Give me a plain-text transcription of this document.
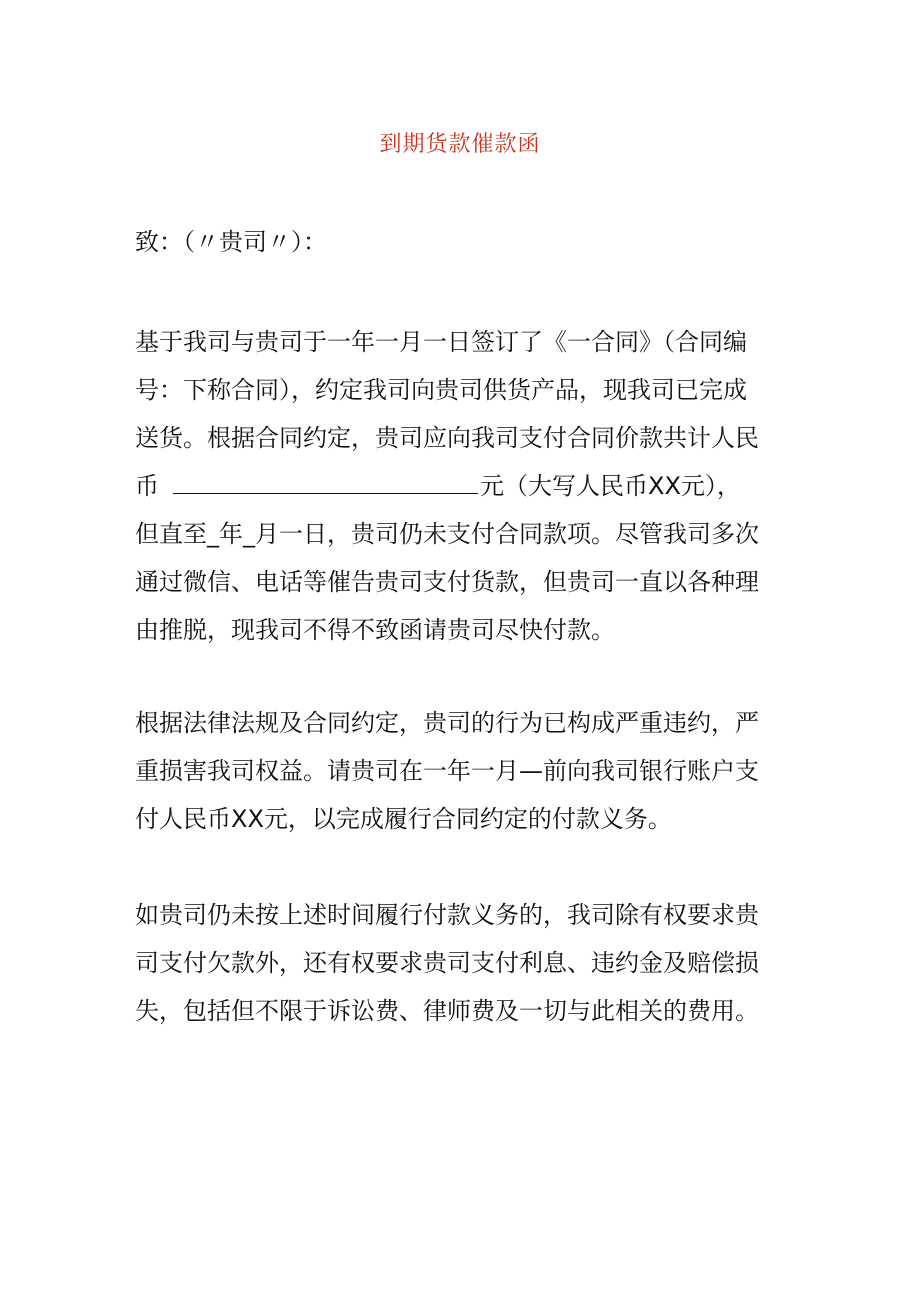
到期货款催款函
致：（〃贵司〃）：
基于我司与贵司于一年一月一日签订了《一合同》（合同编
号：下称合同），约定我司向贵司供货产品，现我司已完成
送货。根据合同约定，贵司应向我司支付合同价款共计人民
币	元（大写人民币XX元），
但直至_年_月一日，贵司仍未支付合同款项。尽管我司多次
通过微信、电话等催告贵司支付货款，但贵司一直以各种理
由推脱，现我司不得不致函请贵司尽快付款。
根据法律法规及合同约定，贵司的行为已构成严重违约，严
重损害我司权益。请贵司在一年一月—前向我司银行账户支
付人民币XX元，以完成履行合同约定的付款义务。
如贵司仍未按上述时间履行付款义务的，我司除有权要求贵
司支付欠款外，还有权要求贵司支付利息、违约金及赔偿损
失，包括但不限于诉讼费、律师费及一切与此相关的费用。
